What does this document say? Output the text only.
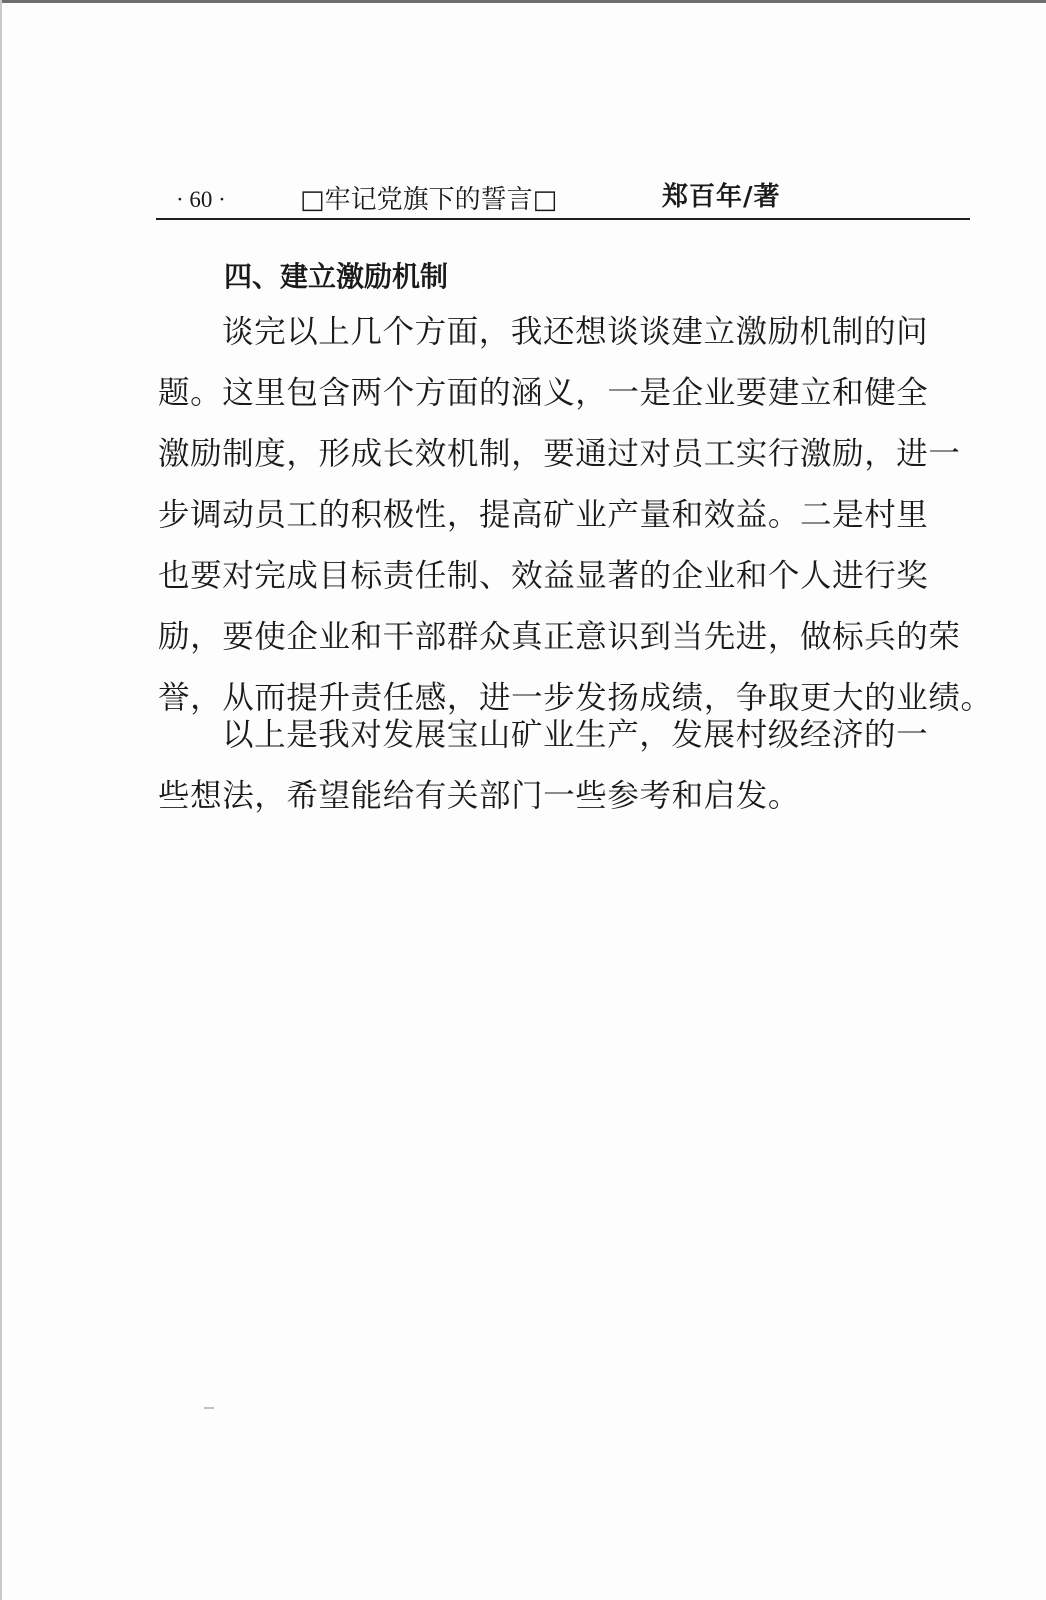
· 60 ·	□牢记党旗下的誓言□	郑百年/著
四、建立激励机制
谈完以上几个方面，我还想谈谈建立激励机制的问
题。这里包含两个方面的涵义，一是企业要建立和健全
激励制度，形成长效机制，要通过对员工实行激励，进一
步调动员工的积极性，提高矿业产量和效益。二是村里
也要对完成目标责任制、效益显著的企业和个人进行奖
励，要使企业和干部群众真正意识到当先进，做标兵的荣
誉，从而提升责任感，进一步发扬成绩，争取更大的业绩。
以上是我对发展宝山矿业生产，发展村级经济的一
些想法，希望能给有关部门一些参考和启发。
